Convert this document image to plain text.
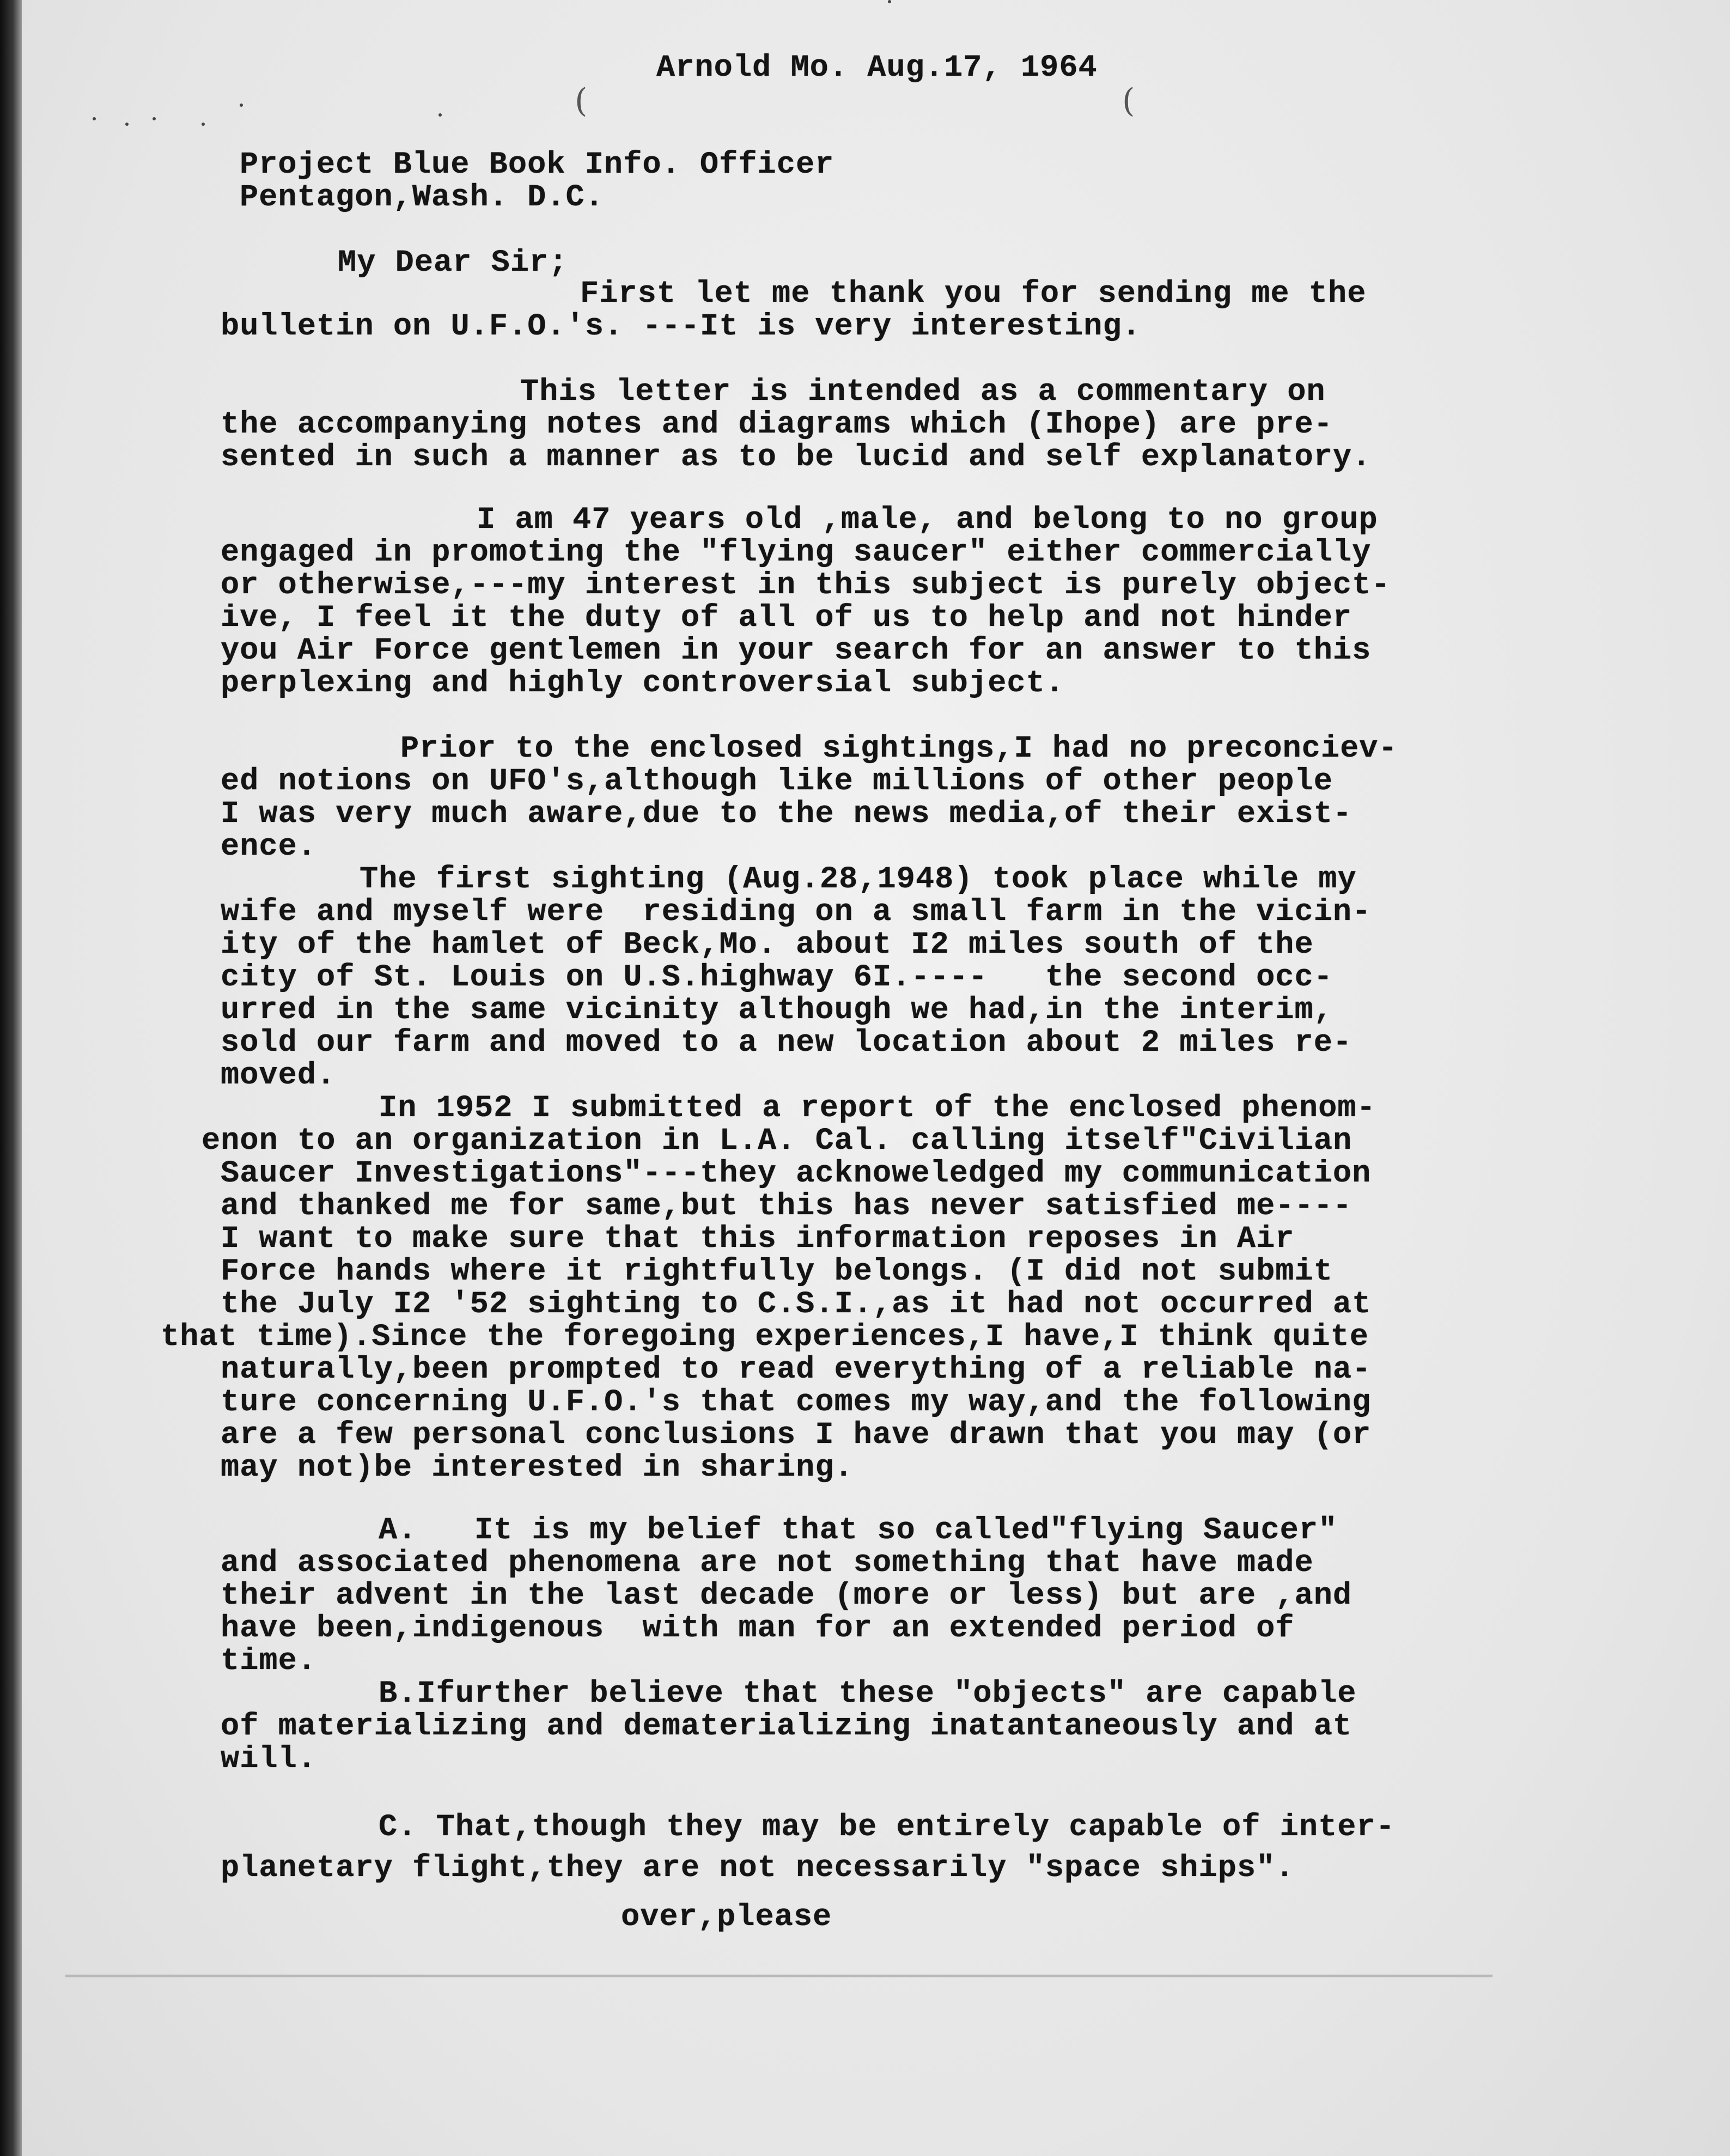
(	(
Arnold Mo. Aug.17, 1964
Project Blue Book Info. Officer
Pentagon,Wash. D.C.
My Dear Sir;
First let me thank you for sending me the
bulletin on U.F.O.'s. ---It is very interesting.
This letter is intended as a commentary on
the accompanying notes and diagrams which (Ihope) are pre-
sented in such a manner as to be lucid and self explanatory.
I am 47 years old ,male, and belong to no group
engaged in promoting the "flying saucer" either commercially
or otherwise,---my interest in this subject is purely object-
ive, I feel it the duty of all of us to help and not hinder
you Air Force gentlemen in your search for an answer to this
perplexing and highly controversial subject.
Prior to the enclosed sightings,I had no preconciev-
ed notions on UFO's,although like millions of other people
I was very much aware,due to the news media,of their exist-
ence.
The first sighting (Aug.28,1948) took place while my
wife and myself were  residing on a small farm in the vicin-
ity of the hamlet of Beck,Mo. about I2 miles south of the
city of St. Louis on U.S.highway 6I.----   the second occ-
urred in the same vicinity although we had,in the interim,
sold our farm and moved to a new location about 2 miles re-
moved.
In 1952 I submitted a report of the enclosed phenom-
enon to an organization in L.A. Cal. calling itself"Civilian
Saucer Investigations"---they acknoweledged my communication
and thanked me for same,but this has never satisfied me----
I want to make sure that this information reposes in Air
Force hands where it rightfully belongs. (I did not submit
the July I2 '52 sighting to C.S.I.,as it had not occurred at
that time).Since the foregoing experiences,I have,I think quite
naturally,been prompted to read everything of a reliable na-
ture concerning U.F.O.'s that comes my way,and the following
are a few personal conclusions I have drawn that you may (or
may not)be interested in sharing.
A.   It is my belief that so called"flying Saucer"
and associated phenomena are not something that have made
their advent in the last decade (more or less) but are ,and
have been,indigenous  with man for an extended period of
time.
B.Ifurther believe that these "objects" are capable
of materializing and dematerializing inatantaneously and at
will.
C. That,though they may be entirely capable of inter-
planetary flight,they are not necessarily "space ships".
over,please
